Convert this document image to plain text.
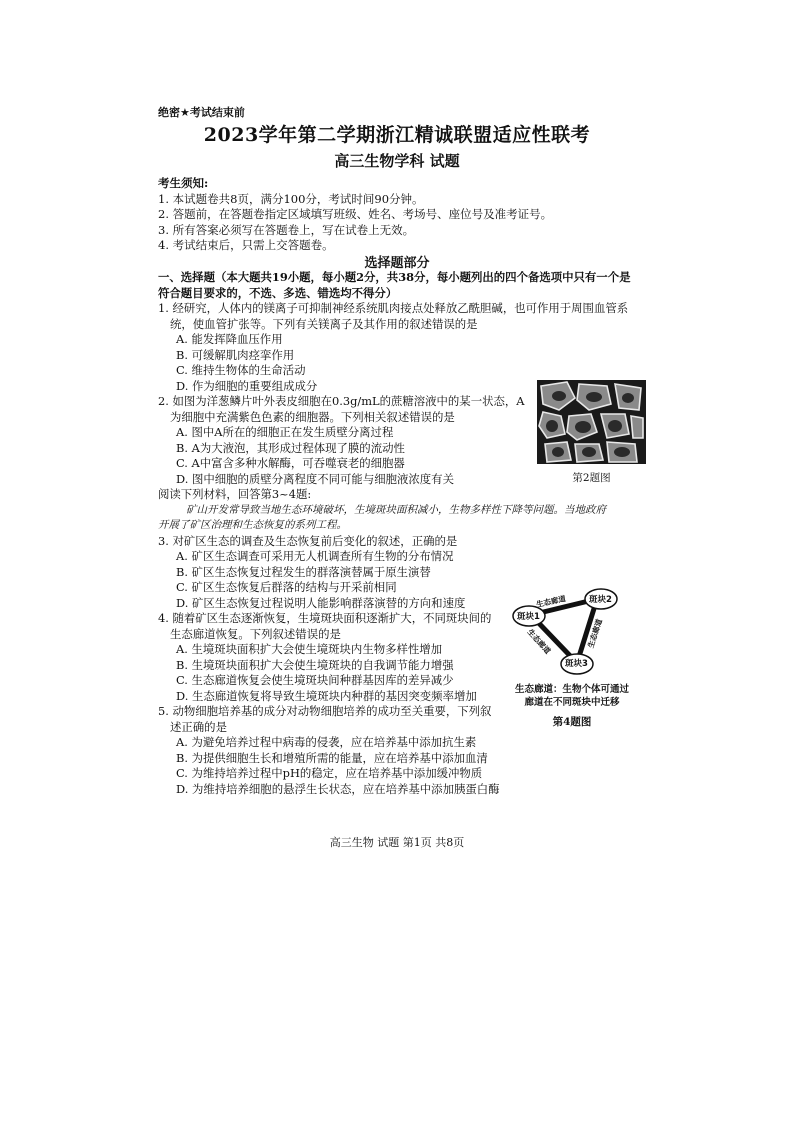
绝密★考试结束前
2023学年第二学期浙江精诚联盟适应性联考
高三生物学科 试题
考生须知:
1. 本试题卷共8页，满分100分，考试时间90分钟。
2. 答题前，在答题卷指定区域填写班级、姓名、考场号、座位号及准考证号。
3. 所有答案必须写在答题卷上，写在试卷上无效。
4. 考试结束后，只需上交答题卷。
选择题部分

一、选择题（本大题共19小题，每小题2分，共38分，每小题列出的四个备选项中只有一个是

符合题目要求的，不选、多选、错选均不得分）

1. 经研究，人体内的镁离子可抑制神经系统肌肉接点处释放乙酰胆碱，也可作用于周围血管系

统，使血管扩张等。下列有关镁离子及其作用的叙述错误的是

A. 能发挥降血压作用

B. 可缓解肌肉痉挛作用

C. 维持生物体的生命活动

D. 作为细胞的重要组成成分

2. 如图为洋葱鳞片叶外表皮细胞在0.3g/mL的蔗糖溶液中的某一状态，A

为细胞中充满紫色色素的细胞器。下列相关叙述错误的是

A. 图中A所在的细胞正在发生质壁分离过程

B. A为大液泡，其形成过程体现了膜的流动性

C. A中富含多种水解酶，可吞噬衰老的细胞器

D. 图中细胞的质壁分离程度不同可能与细胞液浓度有关

阅读下列材料，回答第3~4题:

矿山开发常导致当地生态环境破坏，生境斑块面积减小，生物多样性下降等问题。当地政府

开展了矿区治理和生态恢复的系列工程。

3. 对矿区生态的调查及生态恢复前后变化的叙述，正确的是

A. 矿区生态调查可采用无人机调查所有生物的分布情况

B. 矿区生态恢复过程发生的群落演替属于原生演替

C. 矿区生态恢复后群落的结构与开采前相同

D. 矿区生态恢复过程说明人能影响群落演替的方向和速度

4. 随着矿区生态逐渐恢复，生境斑块面积逐渐扩大，不同斑块间的

生态廊道恢复。下列叙述错误的是

A. 生境斑块面积扩大会使生境斑块内生物多样性增加

B. 生境斑块面积扩大会使生境斑块的自我调节能力增强

C. 生态廊道恢复会使生境斑块间种群基因库的差异减少

D. 生态廊道恢复将导致生境斑块内种群的基因突变频率增加

5. 动物细胞培养基的成分对动物细胞培养的成功至关重要，下列叙

述正确的是

A. 为避免培养过程中病毒的侵袭，应在培养基中添加抗生素

B. 为提供细胞生长和增殖所需的能量，应在培养基中添加血清

C. 为维持培养过程中pH的稳定，应在培养基中添加缓冲物质

D. 为维持培养细胞的悬浮生长状态，应在培养基中添加胰蛋白酶

第2题图
斑块1
斑块2
斑块3
生态廊道
生态廊道	生态廊道
生态廊道：生物个体可通过
廊道在不同斑块中迁移
第4题图
高三生物 试题 第1页 共8页
